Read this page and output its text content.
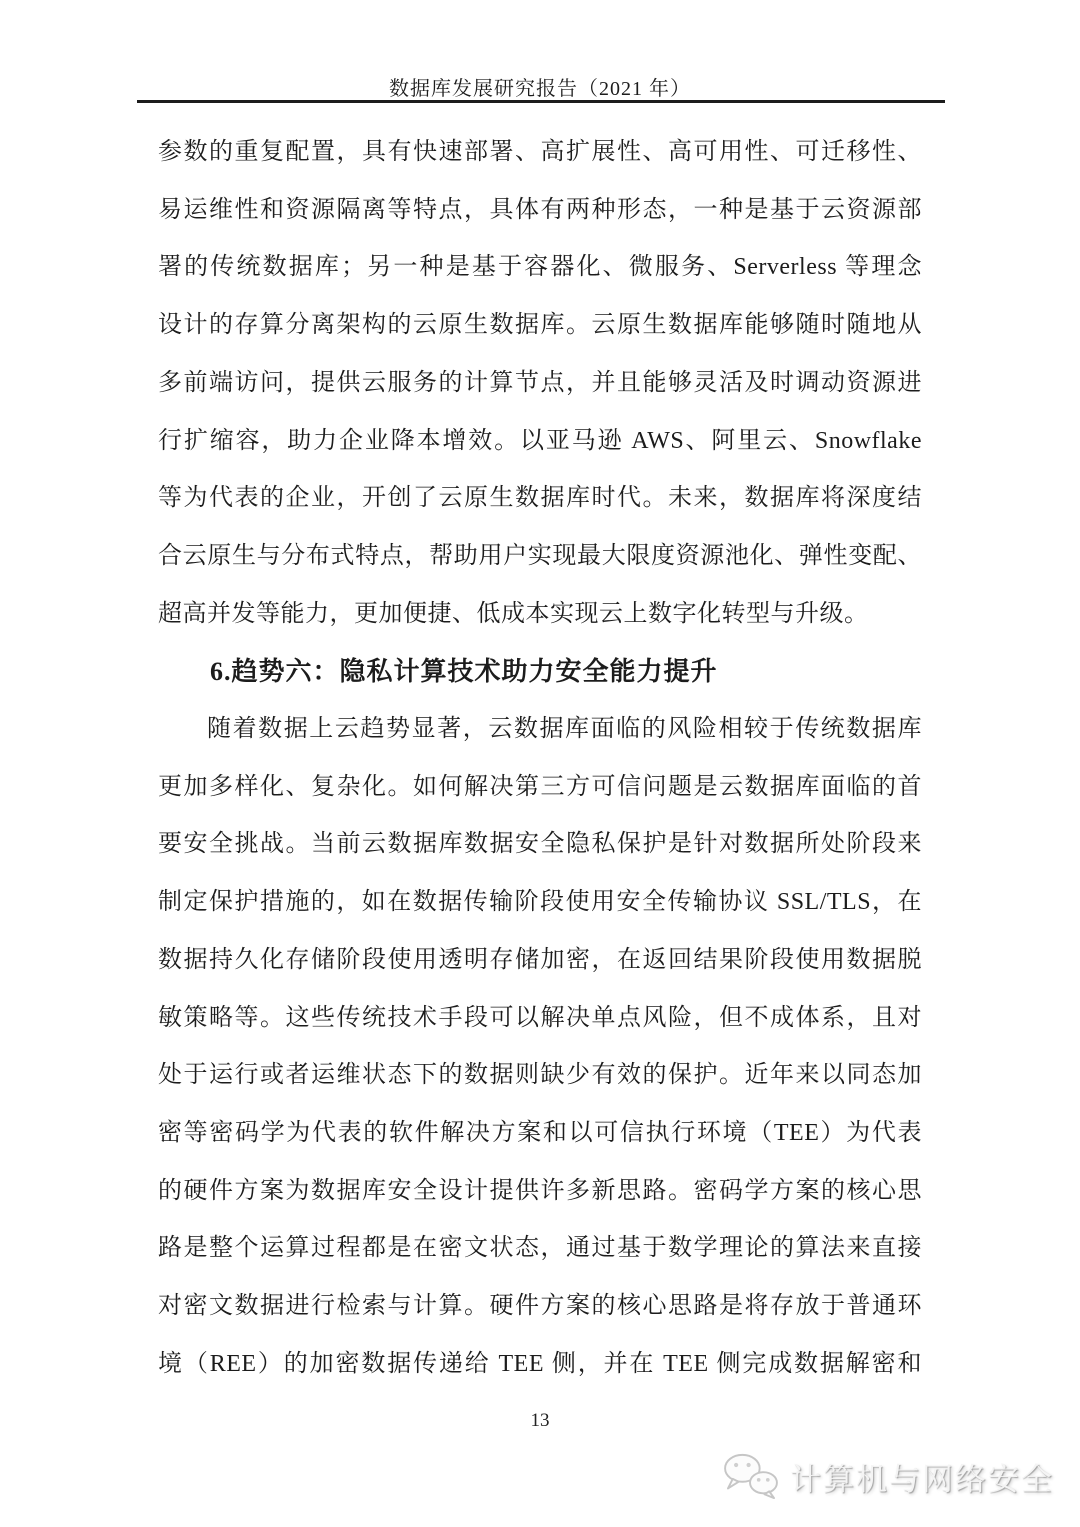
数据库发展研究报告（2021 年）

参数的重复配置，具有快速部署、高扩展性、高可用性、可迁移性、

易运维性和资源隔离等特点，具体有两种形态，一种是基于云资源部

署的传统数据库；另一种是基于容器化、微服务、Serverless 等理念

设计的存算分离架构的云原生数据库。云原生数据库能够随时随地从

多前端访问，提供云服务的计算节点，并且能够灵活及时调动资源进

行扩缩容，助力企业降本增效。以亚马逊 AWS、阿里云、Snowflake

等为代表的企业，开创了云原生数据库时代。未来，数据库将深度结

合云原生与分布式特点，帮助用户实现最大限度资源池化、弹性变配、

超高并发等能力，更加便捷、低成本实现云上数字化转型与升级。

6.趋势六：隐私计算技术助力安全能力提升

随着数据上云趋势显著，云数据库面临的风险相较于传统数据库

更加多样化、复杂化。如何解决第三方可信问题是云数据库面临的首

要安全挑战。当前云数据库数据安全隐私保护是针对数据所处阶段来

制定保护措施的，如在数据传输阶段使用安全传输协议 SSL/TLS，在

数据持久化存储阶段使用透明存储加密，在返回结果阶段使用数据脱

敏策略等。这些传统技术手段可以解决单点风险，但不成体系，且对

处于运行或者运维状态下的数据则缺少有效的保护。近年来以同态加

密等密码学为代表的软件解决方案和以可信执行环境（TEE）为代表

的硬件方案为数据库安全设计提供许多新思路。密码学方案的核心思

路是整个运算过程都是在密文状态，通过基于数学理论的算法来直接

对密文数据进行检索与计算。硬件方案的核心思路是将存放于普通环

境（REE）的加密数据传递给 TEE 侧，并在 TEE 侧完成数据解密和

13
计算机与网络安全
